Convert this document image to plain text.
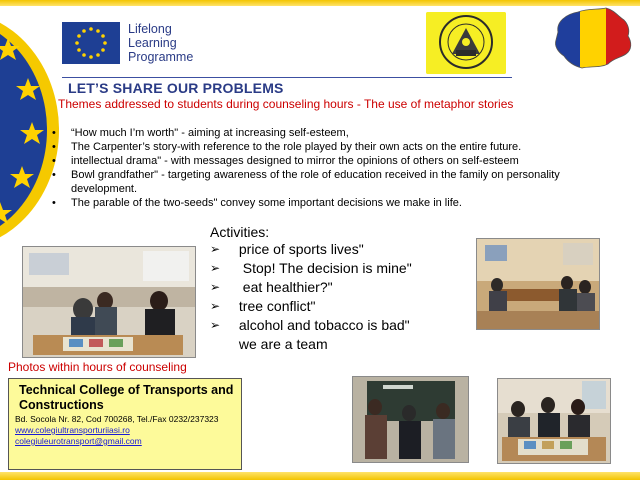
Lifelong
Learning
Programme
LET’S SHARE OUR PROBLEMS
Themes addressed to students during counseling hours - The use of metaphor stories
• “How much I’m worth" - aiming at increasing self-esteem,
• The Carpenter’s story-with reference to the role played by their own acts on the entire future.
• intellectual drama" - with messages designed to mirror the opinions of others on self-esteem
• Bowl grandfather" - targeting awareness of the role of education received in the family on personality development.
• The parable of the two-seeds" convey some important decisions we make in life.
Activities:
➢ price of sports lives"
➢ Stop! The decision is mine"
➢ eat healthier?"
➢ tree conflict"
➢ alcohol and tobacco is bad"
we are a team
Photos within hours of counseling
Technical College of Transports and Constructions
Bd. Socola Nr. 82, Cod 700268, Tel./Fax 0232/237323
www.colegiultransporturiiasi.ro
colegiuleurotransport@gmail.com
